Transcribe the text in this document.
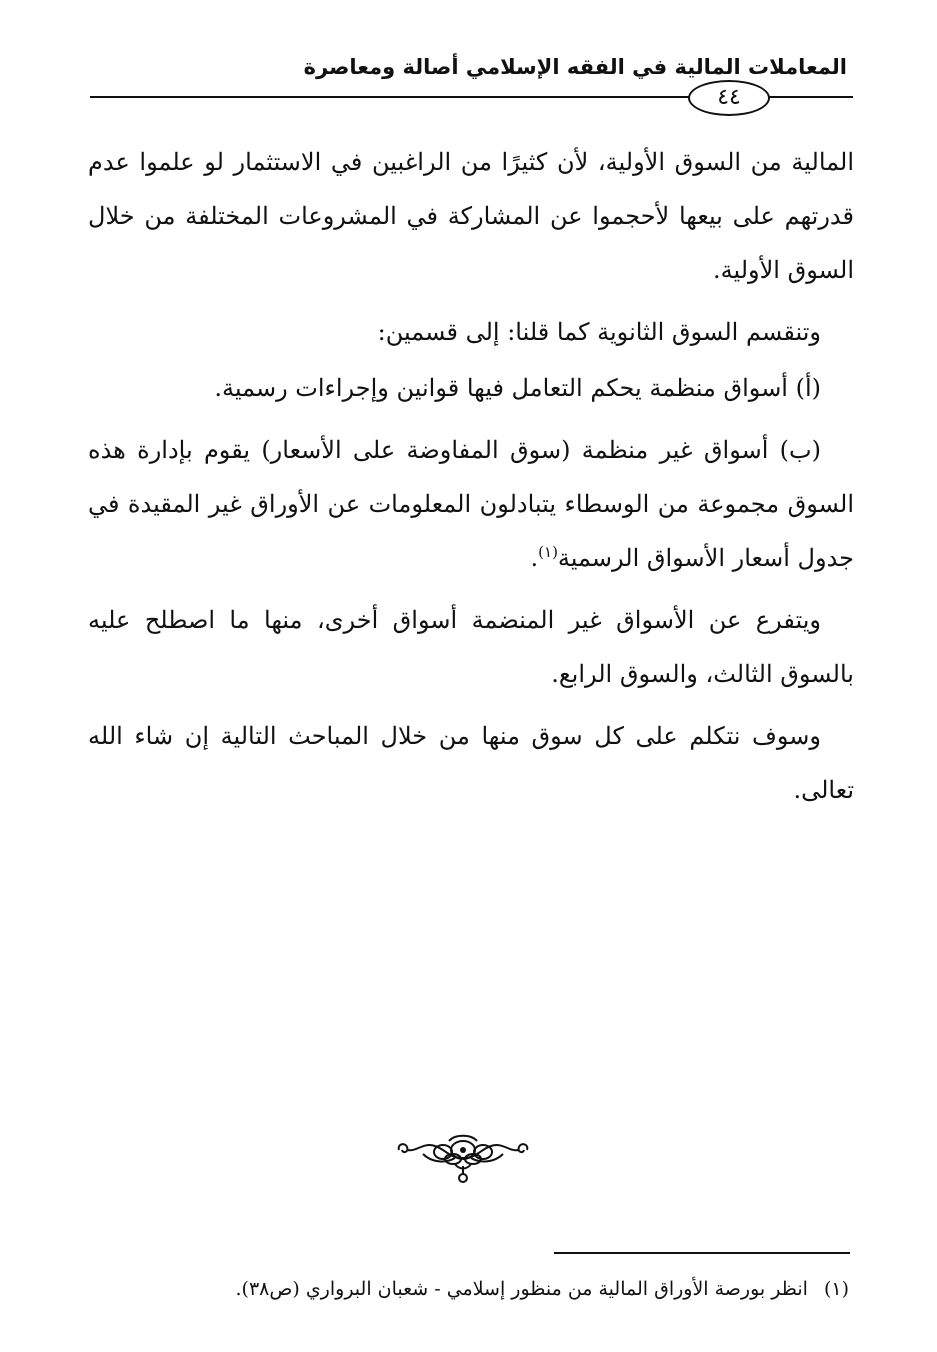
المعاملات المالية في الفقه الإسلامي أصالة ومعاصرة
٤٤

المالية من السوق الأولية، لأن كثيرًا من الراغبين في الاستثمار لو علموا عدم قدرتهم على بيعها لأحجموا عن المشاركة في المشروعات المختلفة من خلال السوق الأولية.

وتنقسم السوق الثانوية كما قلنا: إلى قسمين:

(أ) أسواق منظمة يحكم التعامل فيها قوانين وإجراءات رسمية.

(ب) أسواق غير منظمة (سوق المفاوضة على الأسعار) يقوم بإدارة هذه السوق مجموعة من الوسطاء يتبادلون المعلومات عن الأوراق غير المقيدة في جدول أسعار الأسواق الرسمية$^{(١)}$.

ويتفرع عن الأسواق غير المنضمة أسواق أخرى، منها ما اصطلح عليه بالسوق الثالث، والسوق الرابع.

وسوف نتكلم على كل سوق منها من خلال المباحث التالية إن شاء الله تعالى.

(١) انظر بورصة الأوراق المالية من منظور إسلامي - شعبان البرواري (ص٣٨).
